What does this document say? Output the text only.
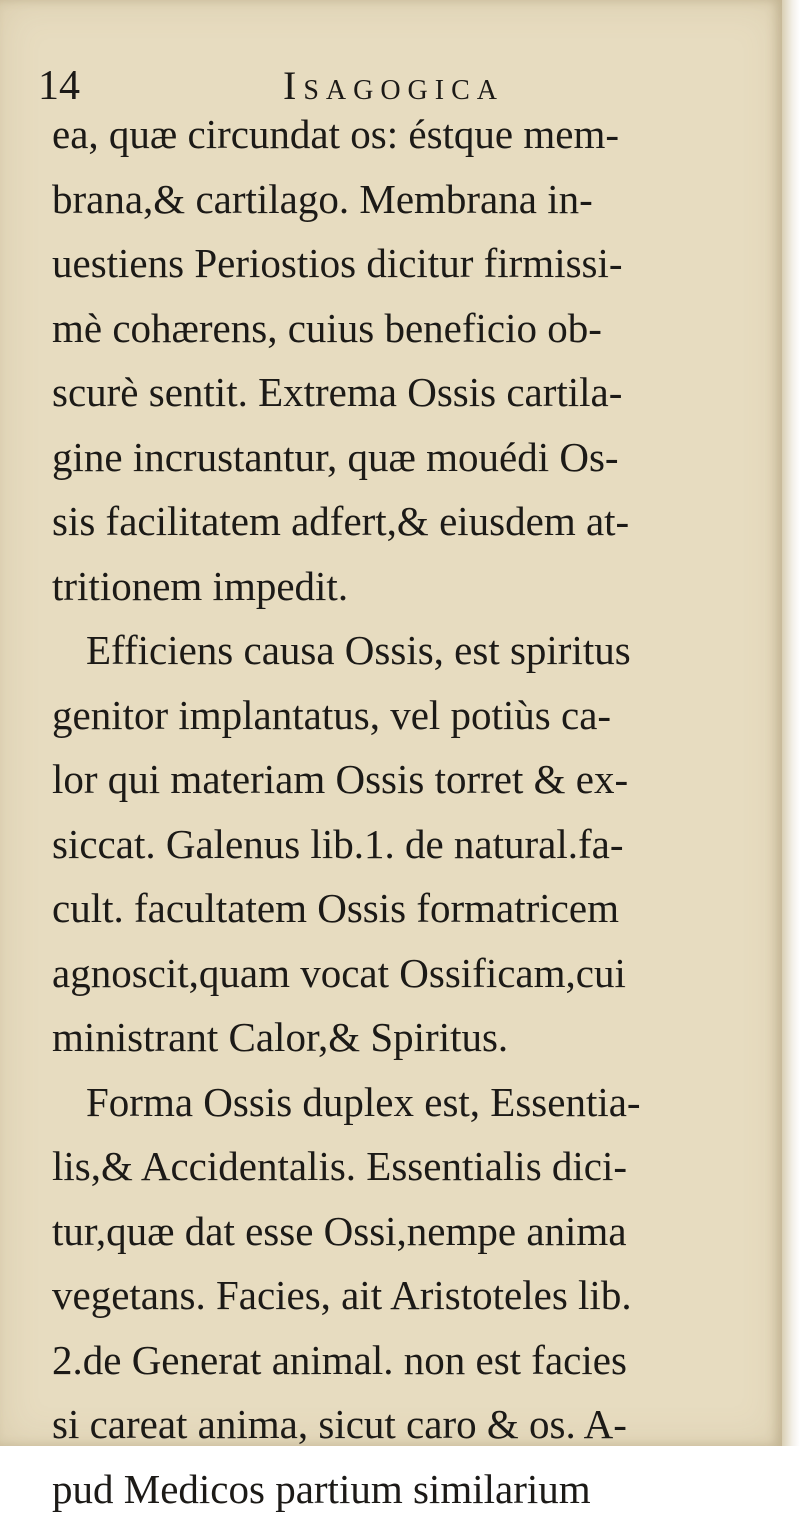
14	Isagogica
ea, quæ circundat os: éstque mem-
brana,& cartilago. Membrana in-
uestiens Periostios dicitur firmissi-
mè cohærens, cuius beneficio ob-
scurè sentit. Extrema Ossis cartila-
gine incrustantur, quæ mouédi Os-
sis facilitatem adfert,& eiusdem at-
tritionem impedit.
Efficiens causa Ossis, est spiritus
genitor implantatus, vel potiùs ca-
lor qui materiam Ossis torret & ex-
siccat. Galenus lib.1. de natural.fa-
cult. facultatem Ossis formatricem
agnoscit,quam vocat Ossificam,cui
ministrant Calor,& Spiritus.
Forma Ossis duplex est, Essentia-
lis,& Accidentalis. Essentialis dici-
tur,quæ dat esse Ossi,nempe anima
vegetans. Facies, ait Aristoteles lib.
2.de Generat animal. non est facies
si careat anima, sicut caro & os. A-
pud Medicos partium similarium
